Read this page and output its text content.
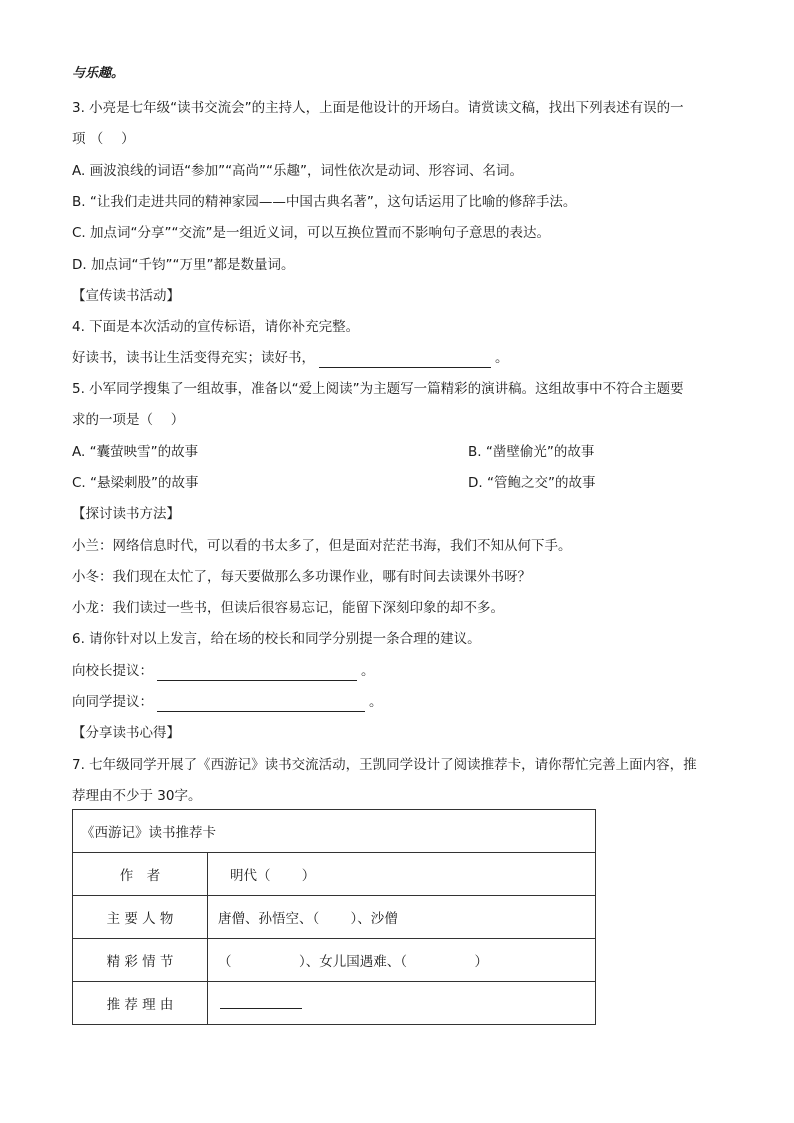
与乐趣。
3. 小亮是七年级“读书交流会”的主持人，上面是他设计的开场白。请赏读文稿，找出下列表述有误的一
项 （　 ）
A. 画波浪线的词语“参加”“高尚”“乐趣”，词性依次是动词、形容词、名词。
B. “让我们走进共同的精神家园——中国古典名著”，这句话运用了比喻的修辞手法。
C. 加点词“分享”“交流”是一组近义词，可以互换位置而不影响句子意思的表达。
D. 加点词“千钧”“万里”都是数量词。
【宣传读书活动】
4. 下面是本次活动的宣传标语，请你补充完整。
好读书，读书让生活变得充实；读好书，	。
5. 小军同学搜集了一组故事，准备以“爱上阅读”为主题写一篇精彩的演讲稿。这组故事中不符合主题要
求的一项是（　 ）
A. “囊萤映雪”的故事	B. “凿壁偷光”的故事
C. “悬梁刺股”的故事	D. “管鲍之交”的故事
【探讨读书方法】
小兰：网络信息时代，可以看的书太多了，但是面对茫茫书海，我们不知从何下手。
小冬：我们现在太忙了，每天要做那么多功课作业，哪有时间去读课外书呀？
小龙：我们读过一些书，但读后很容易忘记，能留下深刻印象的却不多。
6. 请你针对以上发言，给在场的校长和同学分别提一条合理的建议。
向校长提议：	。
向同学提议：	。
【分享读书心得】
7. 七年级同学开展了《西游记》读书交流活动，王凯同学设计了阅读推荐卡，请你帮忙完善上面内容，推
荐理由不少于 30字。
《西游记》读书推荐卡	
作　者	明代（　　 ）
主 要 人 物	唐僧、孙悟空、（　　 ）、沙僧
精 彩 情 节	（　　　　　）、女儿国遇难、（　　　　　）
推 荐 理 由	
